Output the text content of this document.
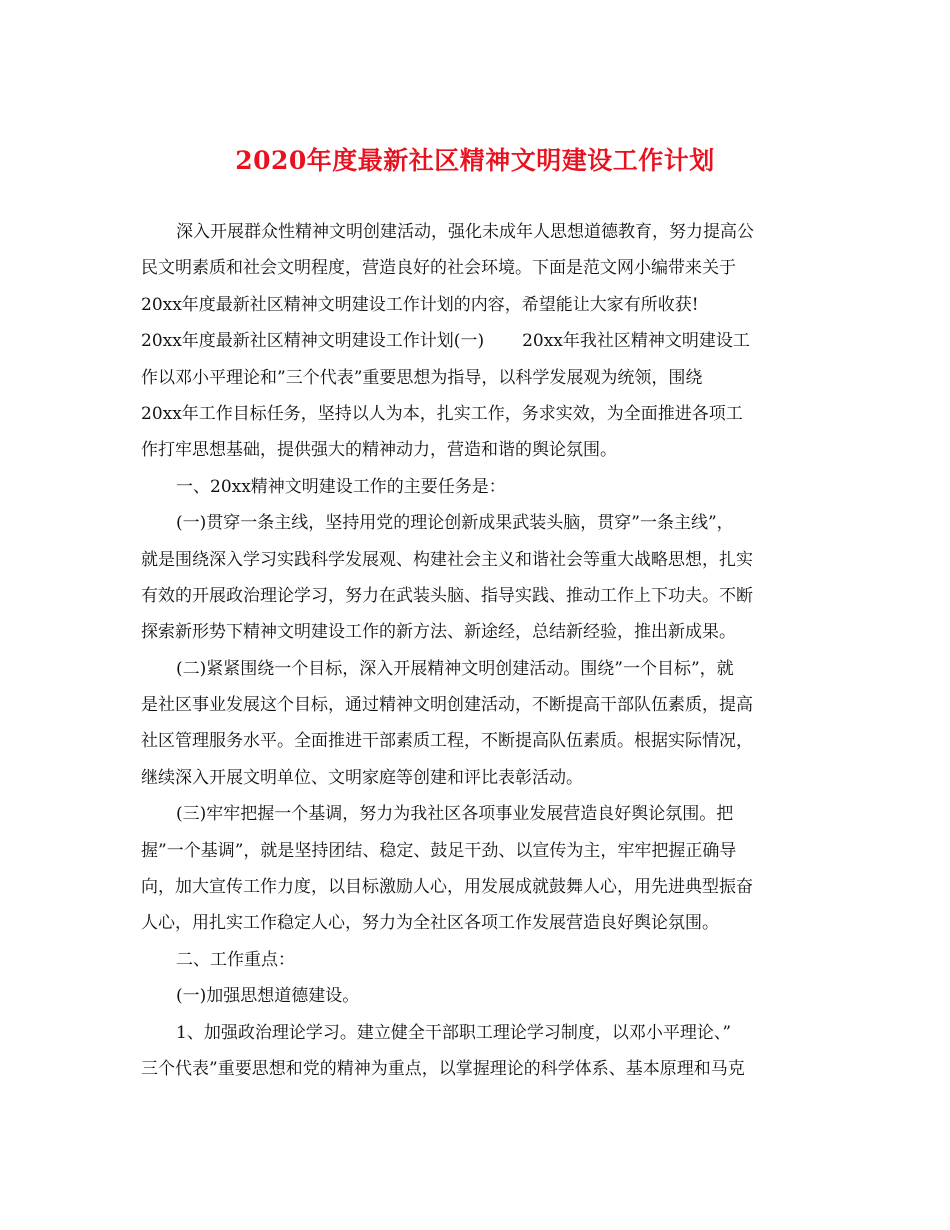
2020年度最新社区精神文明建设工作计划
深入开展群众性精神文明创建活动，强化未成年人思想道德教育，努力提高公
民文明素质和社会文明程度，营造良好的社会环境。下面是范文网小编带来关于
20xx年度最新社区精神文明建设工作计划的内容，希望能让大家有所收获!
20xx年度最新社区精神文明建设工作计划(一) 20xx年我社区精神文明建设工
作以邓小平理论和”三个代表”重要思想为指导，以科学发展观为统领，围绕
20xx年工作目标任务，坚持以人为本，扎实工作，务求实效，为全面推进各项工
作打牢思想基础，提供强大的精神动力，营造和谐的舆论氛围。
一、20xx精神文明建设工作的主要任务是：
(一)贯穿一条主线，坚持用党的理论创新成果武装头脑，贯穿”一条主线”，
就是围绕深入学习实践科学发展观、构建社会主义和谐社会等重大战略思想，扎实
有效的开展政治理论学习，努力在武装头脑、指导实践、推动工作上下功夫。不断
探索新形势下精神文明建设工作的新方法、新途经，总结新经验，推出新成果。
(二)紧紧围绕一个目标，深入开展精神文明创建活动。围绕”一个目标”，就
是社区事业发展这个目标，通过精神文明创建活动，不断提高干部队伍素质，提高
社区管理服务水平。全面推进干部素质工程，不断提高队伍素质。根据实际情况，
继续深入开展文明单位、文明家庭等创建和评比表彰活动。
(三)牢牢把握一个基调，努力为我社区各项事业发展营造良好舆论氛围。把
握”一个基调”，就是坚持团结、稳定、鼓足干劲、以宣传为主，牢牢把握正确导
向，加大宣传工作力度，以目标激励人心，用发展成就鼓舞人心，用先进典型振奋
人心，用扎实工作稳定人心，努力为全社区各项工作发展营造良好舆论氛围。
二、工作重点：
(一)加强思想道德建设。
1、加强政治理论学习。建立健全干部职工理论学习制度，以邓小平理论、”
三个代表”重要思想和党的精神为重点，以掌握理论的科学体系、基本原理和马克
